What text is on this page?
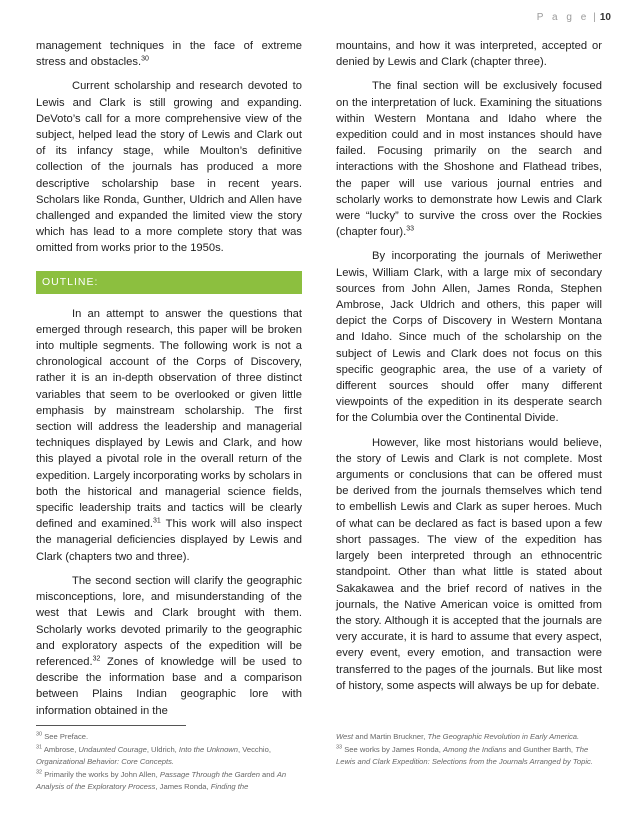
P a g e | 10

management techniques in the face of extreme stress and obstacles.$^{30}$

Current scholarship and research devoted to Lewis and Clark is still growing and expanding. DeVoto’s call for a more comprehensive view of the subject, helped lead the story of Lewis and Clark out of its infancy stage, while Moulton’s definitive collection of the journals has produced a more descriptive scholarship base in recent years. Scholars like Ronda, Gunther, Uldrich and Allen have challenged and expanded the limited view the story which has lead to a more complete story that was omitted from works prior to the 1950s.

OUTLINE:

In an attempt to answer the questions that emerged through research, this paper will be broken into multiple segments. The following work is not a chronological account of the Corps of Discovery, rather it is an in-depth observation of three distinct variables that seem to be overlooked or given little emphasis by mainstream scholarship. The first section will address the leadership and managerial techniques displayed by Lewis and Clark, and how this played a pivotal role in the overall return of the expedition. Largely incorporating works by scholars in both the historical and managerial science fields, specific leadership traits and tactics will be clearly defined and examined.$^{31}$ This work will also inspect the managerial deficiencies displayed by Lewis and Clark (chapters two and three).

The second section will clarify the geographic misconceptions, lore, and misunderstanding of the west that Lewis and Clark brought with them. Scholarly works devoted primarily to the geographic and exploratory aspects of the expedition will be referenced.$^{32}$ Zones of knowledge will be used to describe the information base and a comparison between Plains Indian geographic lore with information obtained in the

mountains, and how it was interpreted, accepted or denied by Lewis and Clark (chapter three).

The final section will be exclusively focused on the interpretation of luck. Examining the situations within Western Montana and Idaho where the expedition could and in most instances should have failed. Focusing primarily on the search and interactions with the Shoshone and Flathead tribes, the paper will use various journal entries and scholarly works to demonstrate how Lewis and Clark were “lucky” to survive the cross over the Rockies (chapter four).$^{33}$

By incorporating the journals of Meriwether Lewis, William Clark, with a large mix of secondary sources from John Allen, James Ronda, Stephen Ambrose, Jack Uldrich and others, this paper will depict the Corps of Discovery in Western Montana and Idaho. Since much of the scholarship on the subject of Lewis and Clark does not focus on this specific geographic area, the use of a variety of different sources should offer many different viewpoints of the expedition in its desperate search for the Columbia over the Continental Divide.

However, like most historians would believe, the story of Lewis and Clark is not complete. Most arguments or conclusions that can be offered must be derived from the journals themselves which tend to embellish Lewis and Clark as super heroes. Much of what can be declared as fact is based upon a few short passages. The view of the expedition has largely been interpreted through an ethnocentric standpoint. Other than what little is stated about Sakakawea and the brief record of natives in the journals, the Native American voice is omitted from the story. Although it is accepted that the journals are very accurate, it is hard to assume that every aspect, every event, every emotion, and transaction were transferred to the pages of the journals. But like most of history, some aspects will always be up for debate.

$^{30}$ See Preface.
$^{31}$ Ambrose, Undaunted Courage, Uldrich, Into the Unknown, Vecchio, Organizational Behavior: Core Concepts.
$^{32}$ Primarily the works by John Allen, Passage Through the Garden and An Analysis of the Exploratory Process, James Ronda, Finding the
West and Martin Bruckner, The Geographic Revolution in Early America.
$^{33}$ See works by James Ronda, Among the Indians and Gunther Barth, The Lewis and Clark Expedition: Selections from the Journals Arranged by Topic.
